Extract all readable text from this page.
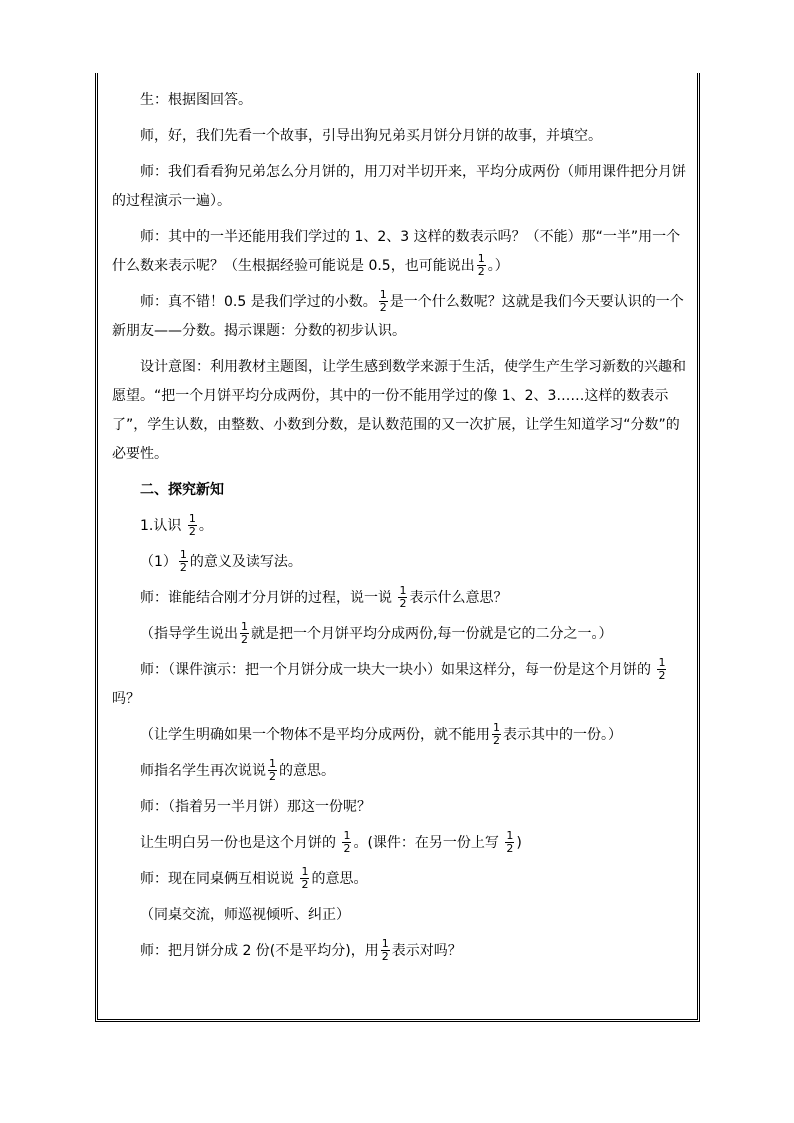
生：根据图回答。

师，好，我们先看一个故事，引导出狗兄弟买月饼分月饼的故事，并填空。

师：我们看看狗兄弟怎么分月饼的，用刀对半切开来，平均分成两份（师用课件把分月饼的过程演示一遍）。

师：其中的一半还能用我们学过的 1、2、3 这样的数表示吗？（不能）那“一半”用一个什么数来表示呢？（生根据经验可能说是 0.5，也可能说出 $\frac{1}{2}$ 。）

师：真不错！0.5 是我们学过的小数。 $\frac{1}{2}$ 是一个什么数呢？这就是我们今天要认识的一个新朋友——分数。揭示课题：分数的初步认识。

设计意图：利用教材主题图，让学生感到数学来源于生活，使学生产生学习新数的兴趣和愿望。“把一个月饼平均分成两份，其中的一份不能用学过的像 1、2、3……这样的数表示了”，学生认数，由整数、小数到分数，是认数范围的又一次扩展，让学生知道学习“分数”的必要性。

二、探究新知

1.认识 $\frac{1}{2}$ 。

$(1) \frac{1}{2}$ 的意义及读写法。

师：谁能结合刚才分月饼的过程，说一说 $\frac{1}{2}$ 表示什么意思？

（指导学生说出 $\frac{1}{2}$ 就是把一个月饼平均分成两份,每一份就是它的二分之一。）

师：（课件演示：把一个月饼分成一块大一块小）如果这样分，每一份是这个月饼的 $\frac{1}{2}$
吗？

（让学生明确如果一个物体不是平均分成两份，就不能用 $\frac{1}{2}$ 表示其中的一份。）

师指名学生再次说说 $\frac{1}{2}$ 的意思。

师：（指着另一半月饼）那这一份呢？

让生明白另一份也是这个月饼的 $\frac{1}{2}$ 。(课件：在另一份上写 $\frac{1}{2}$ )

师：现在同桌俩互相说说 $\frac{1}{2}$ 的意思。

（同桌交流，师巡视倾听、纠正）

师：把月饼分成 2 份(不是平均分)，用 $\frac{1}{2}$ 表示对吗？
